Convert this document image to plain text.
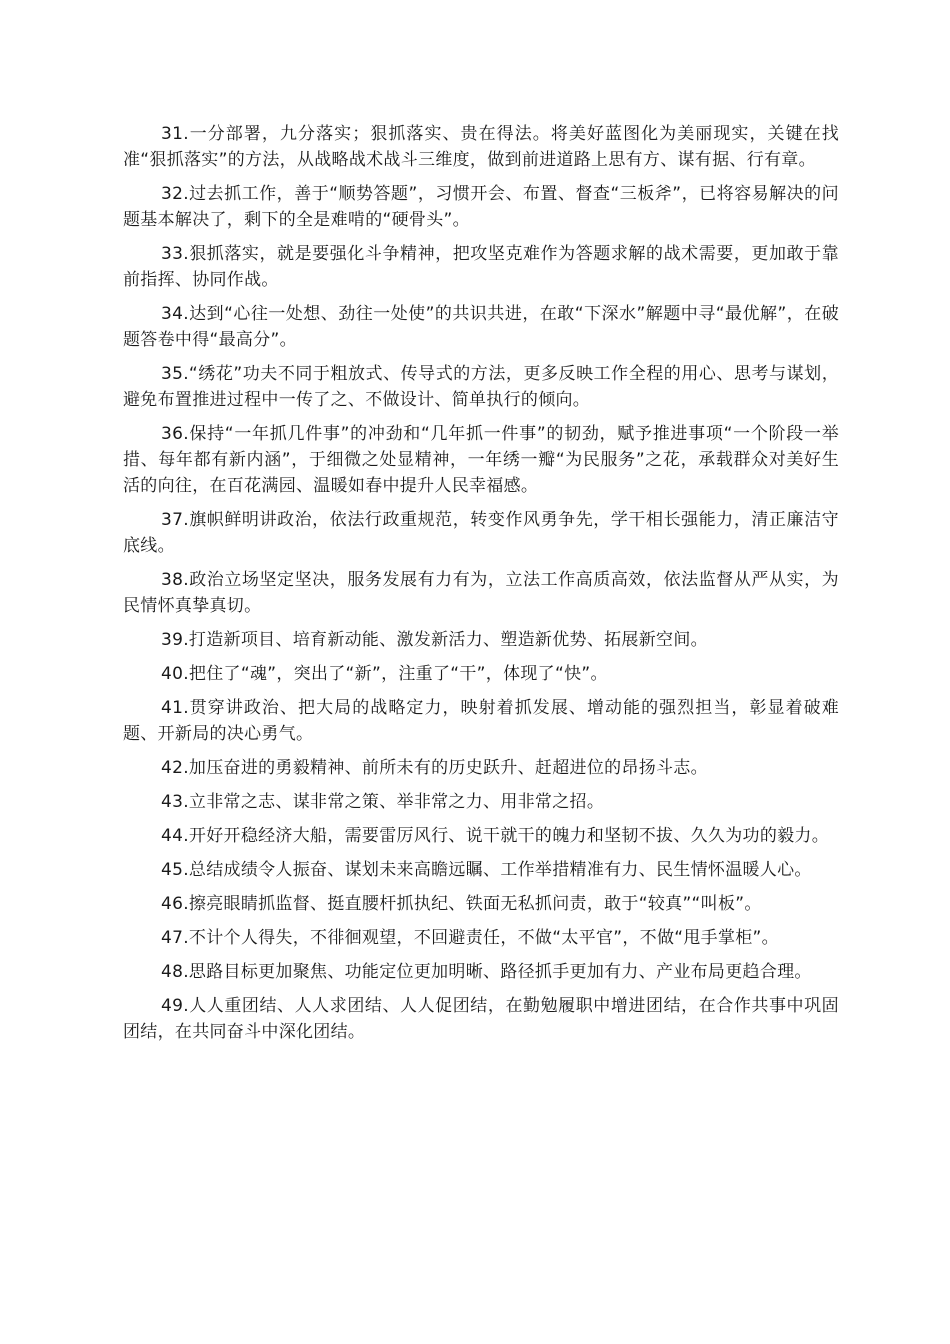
31.一分部署，九分落实；狠抓落实、贵在得法。将美好蓝图化为美丽现实，关键在找准“狠抓落实”的方法，从战略战术战斗三维度，做到前进道路上思有方、谋有据、行有章。

32.过去抓工作，善于“顺势答题”，习惯开会、布置、督查“三板斧”，已将容易解决的问题基本解决了，剩下的全是难啃的“硬骨头”。

33.狠抓落实，就是要强化斗争精神，把攻坚克难作为答题求解的战术需要，更加敢于靠前指挥、协同作战。

34.达到“心往一处想、劲往一处使”的共识共进，在敢“下深水”解题中寻“最优解”，在破题答卷中得“最高分”。

35.“绣花”功夫不同于粗放式、传导式的方法，更多反映工作全程的用心、思考与谋划，避免布置推进过程中一传了之、不做设计、简单执行的倾向。

36.保持“一年抓几件事”的冲劲和“几年抓一件事”的韧劲，赋予推进事项“一个阶段一举措、每年都有新内涵”，于细微之处显精神，一年绣一瓣“为民服务”之花，承载群众对美好生活的向往，在百花满园、温暖如春中提升人民幸福感。

37.旗帜鲜明讲政治，依法行政重规范，转变作风勇争先，学干相长强能力，清正廉洁守底线。

38.政治立场坚定坚决，服务发展有力有为，立法工作高质高效，依法监督从严从实，为民情怀真挚真切。

39.打造新项目、培育新动能、激发新活力、塑造新优势、拓展新空间。

40.把住了“魂”，突出了“新”，注重了“干”，体现了“快”。

41.贯穿讲政治、把大局的战略定力，映射着抓发展、增动能的强烈担当，彰显着破难题、开新局的决心勇气。

42.加压奋进的勇毅精神、前所未有的历史跃升、赶超进位的昂扬斗志。

43.立非常之志、谋非常之策、举非常之力、用非常之招。

44.开好开稳经济大船，需要雷厉风行、说干就干的魄力和坚韧不拔、久久为功的毅力。

45.总结成绩令人振奋、谋划未来高瞻远瞩、工作举措精准有力、民生情怀温暖人心。

46.擦亮眼睛抓监督、挺直腰杆抓执纪、铁面无私抓问责，敢于“较真”“叫板”。

47.不计个人得失，不徘徊观望，不回避责任，不做“太平官”，不做“甩手掌柜”。

48.思路目标更加聚焦、功能定位更加明晰、路径抓手更加有力、产业布局更趋合理。

49.人人重团结、人人求团结、人人促团结，在勤勉履职中增进团结，在合作共事中巩固团结，在共同奋斗中深化团结。
